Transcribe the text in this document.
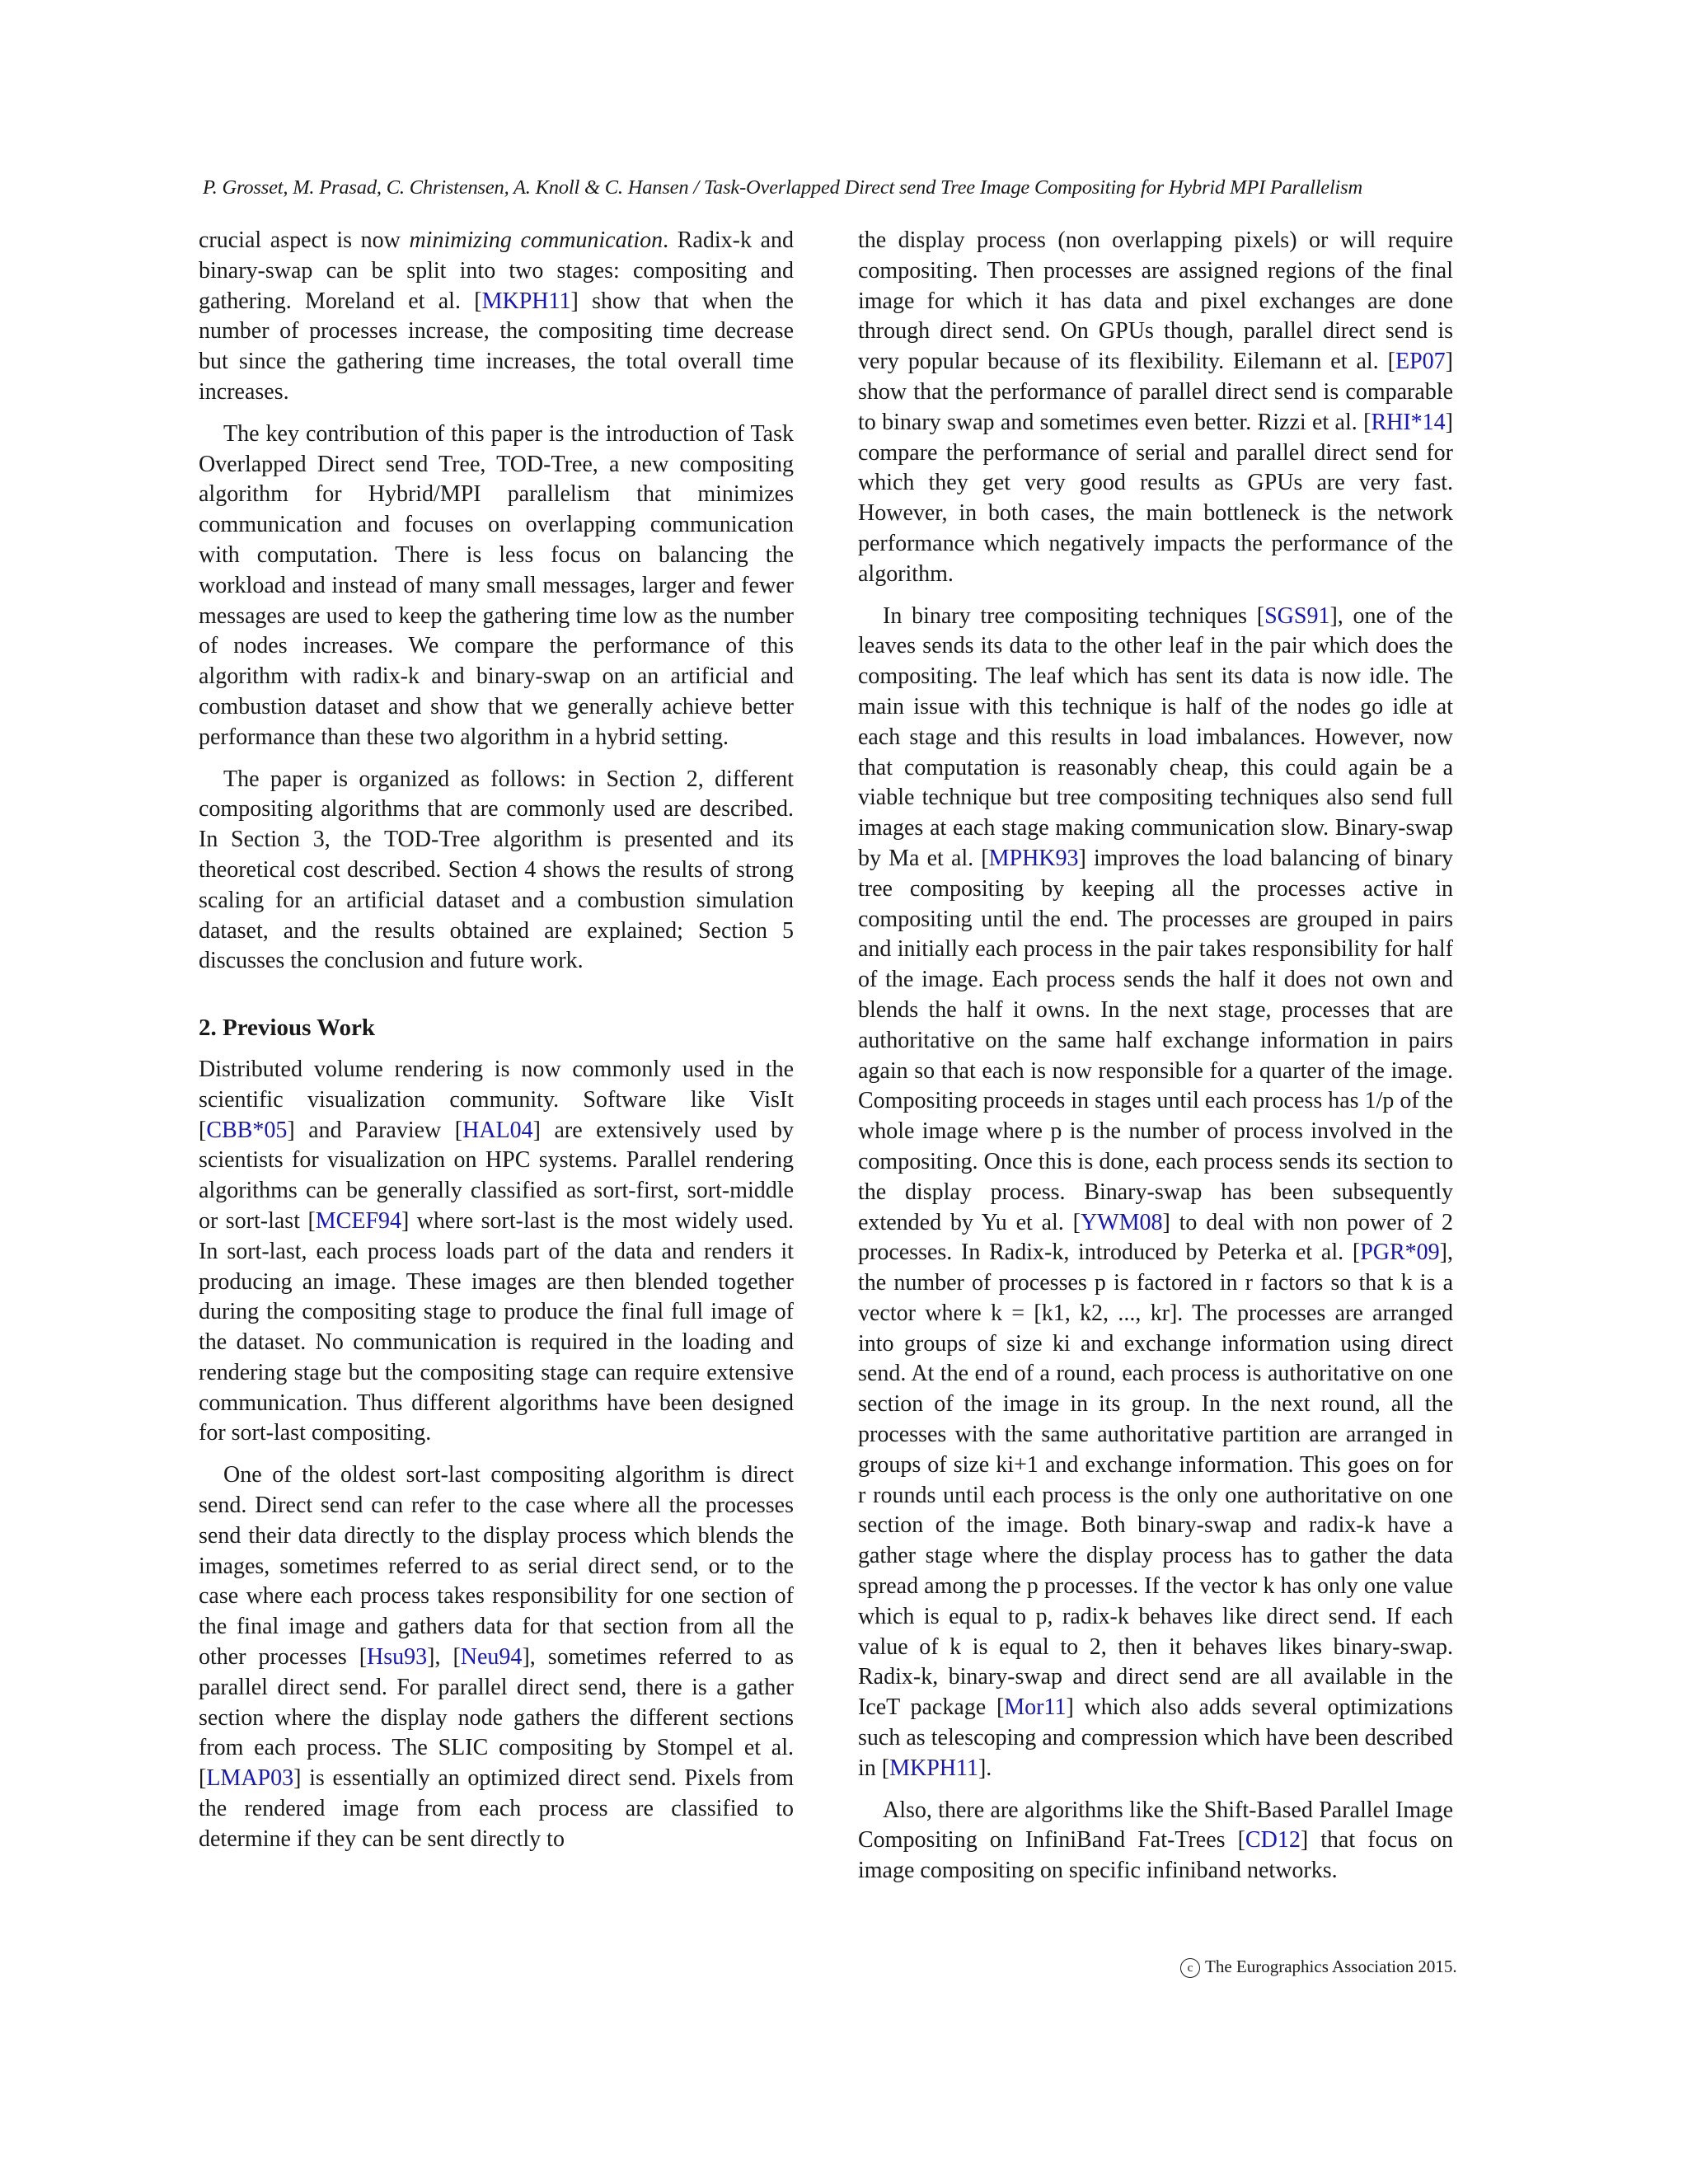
P. Grosset, M. Prasad, C. Christensen, A. Knoll & C. Hansen / Task-Overlapped Direct send Tree Image Compositing for Hybrid MPI Parallelism

crucial aspect is now minimizing communication. Radix-k and binary-swap can be split into two stages: compositing and gathering. Moreland et al. [MKPH11] show that when the number of processes increase, the compositing time decrease but since the gathering time increases, the total overall time increases.

The key contribution of this paper is the introduction of Task Overlapped Direct send Tree, TOD-Tree, a new compositing algorithm for Hybrid/MPI parallelism that minimizes communication and focuses on overlapping communication with computation. There is less focus on balancing the workload and instead of many small messages, larger and fewer messages are used to keep the gathering time low as the number of nodes increases. We compare the performance of this algorithm with radix-k and binary-swap on an artificial and combustion dataset and show that we generally achieve better performance than these two algorithm in a hybrid setting.

The paper is organized as follows: in Section 2, different compositing algorithms that are commonly used are described. In Section 3, the TOD-Tree algorithm is presented and its theoretical cost described. Section 4 shows the results of strong scaling for an artificial dataset and a combustion simulation dataset, and the results obtained are explained; Section 5 discusses the conclusion and future work.

2. Previous Work

Distributed volume rendering is now commonly used in the scientific visualization community. Software like VisIt [CBB*05] and Paraview [HAL04] are extensively used by scientists for visualization on HPC systems. Parallel rendering algorithms can be generally classified as sort-first, sort-middle or sort-last [MCEF94] where sort-last is the most widely used. In sort-last, each process loads part of the data and renders it producing an image. These images are then blended together during the compositing stage to produce the final full image of the dataset. No communication is required in the loading and rendering stage but the compositing stage can require extensive communication. Thus different algorithms have been designed for sort-last compositing.

One of the oldest sort-last compositing algorithm is direct send. Direct send can refer to the case where all the processes send their data directly to the display process which blends the images, sometimes referred to as serial direct send, or to the case where each process takes responsibility for one section of the final image and gathers data for that section from all the other processes [Hsu93], [Neu94], sometimes referred to as parallel direct send. For parallel direct send, there is a gather section where the display node gathers the different sections from each process. The SLIC compositing by Stompel et al. [LMAP03] is essentially an optimized direct send. Pixels from the rendered image from each process are classified to determine if they can be sent directly to

the display process (non overlapping pixels) or will require compositing. Then processes are assigned regions of the final image for which it has data and pixel exchanges are done through direct send. On GPUs though, parallel direct send is very popular because of its flexibility. Eilemann et al. [EP07] show that the performance of parallel direct send is comparable to binary swap and sometimes even better. Rizzi et al. [RHI*14] compare the performance of serial and parallel direct send for which they get very good results as GPUs are very fast. However, in both cases, the main bottleneck is the network performance which negatively impacts the performance of the algorithm.

In binary tree compositing techniques [SGS91], one of the leaves sends its data to the other leaf in the pair which does the compositing. The leaf which has sent its data is now idle. The main issue with this technique is half of the nodes go idle at each stage and this results in load imbalances. However, now that computation is reasonably cheap, this could again be a viable technique but tree compositing techniques also send full images at each stage making communication slow. Binary-swap by Ma et al. [MPHK93] improves the load balancing of binary tree compositing by keeping all the processes active in compositing until the end. The processes are grouped in pairs and initially each process in the pair takes responsibility for half of the image. Each process sends the half it does not own and blends the half it owns. In the next stage, processes that are authoritative on the same half exchange information in pairs again so that each is now responsible for a quarter of the image. Compositing proceeds in stages until each process has 1/p of the whole image where p is the number of process involved in the compositing. Once this is done, each process sends its section to the display process. Binary-swap has been subsequently extended by Yu et al. [YWM08] to deal with non power of 2 processes. In Radix-k, introduced by Peterka et al. [PGR*09], the number of processes p is factored in r factors so that k is a vector where k = [k1, k2, ..., kr]. The processes are arranged into groups of size ki and exchange information using direct send. At the end of a round, each process is authoritative on one section of the image in its group. In the next round, all the processes with the same authoritative partition are arranged in groups of size ki+1 and exchange information. This goes on for r rounds until each process is the only one authoritative on one section of the image. Both binary-swap and radix-k have a gather stage where the display process has to gather the data spread among the p processes. If the vector k has only one value which is equal to p, radix-k behaves like direct send. If each value of k is equal to 2, then it behaves likes binary-swap. Radix-k, binary-swap and direct send are all available in the IceT package [Mor11] which also adds several optimizations such as telescoping and compression which have been described in [MKPH11].

Also, there are algorithms like the Shift-Based Parallel Image Compositing on InfiniBand Fat-Trees [CD12] that focus on image compositing on specific infiniband networks.

c The Eurographics Association 2015.
